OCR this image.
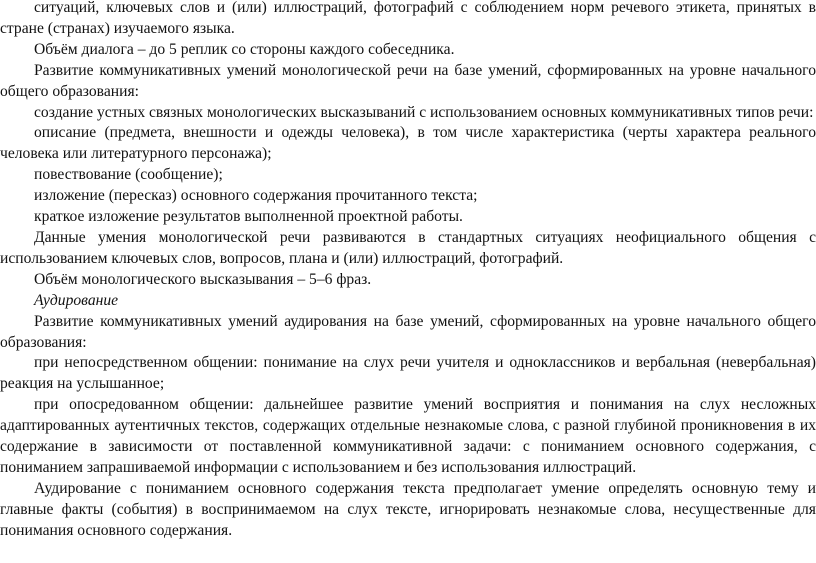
ситуаций, ключевых слов и (или) иллюстраций, фотографий с соблюдением норм речевого этикета, принятых в стране (странах) изучаемого языка.

Объём диалога – до 5 реплик со стороны каждого собеседника.

Развитие коммуникативных умений монологической речи на базе умений, сформированных на уровне начального общего образования:

создание устных связных монологических высказываний с использованием основных коммуникативных типов речи:

описание (предмета, внешности и одежды человека), в том числе характеристика (черты характера реального человека или литературного персонажа);

повествование (сообщение);

изложение (пересказ) основного содержания прочитанного текста;

краткое изложение результатов выполненной проектной работы.

Данные умения монологической речи развиваются в стандартных ситуациях неофициального общения с использованием ключевых слов, вопросов, плана и (или) иллюстраций, фотографий.

Объём монологического высказывания – 5–6 фраз.

Аудирование

Развитие коммуникативных умений аудирования на базе умений, сформированных на уровне начального общего образования:

при непосредственном общении: понимание на слух речи учителя и одноклассников и вербальная (невербальная) реакция на услышанное;

при опосредованном общении: дальнейшее развитие умений восприятия и понимания на слух несложных адаптированных аутентичных текстов, содержащих отдельные незнакомые слова, с разной глубиной проникновения в их содержание в зависимости от поставленной коммуникативной задачи: с пониманием основного содержания, с пониманием запрашиваемой информации с использованием и без использования иллюстраций.

Аудирование с пониманием основного содержания текста предполагает умение определять основную тему и главные факты (события) в воспринимаемом на слух тексте, игнорировать незнакомые слова, несущественные для понимания основного содержания.
